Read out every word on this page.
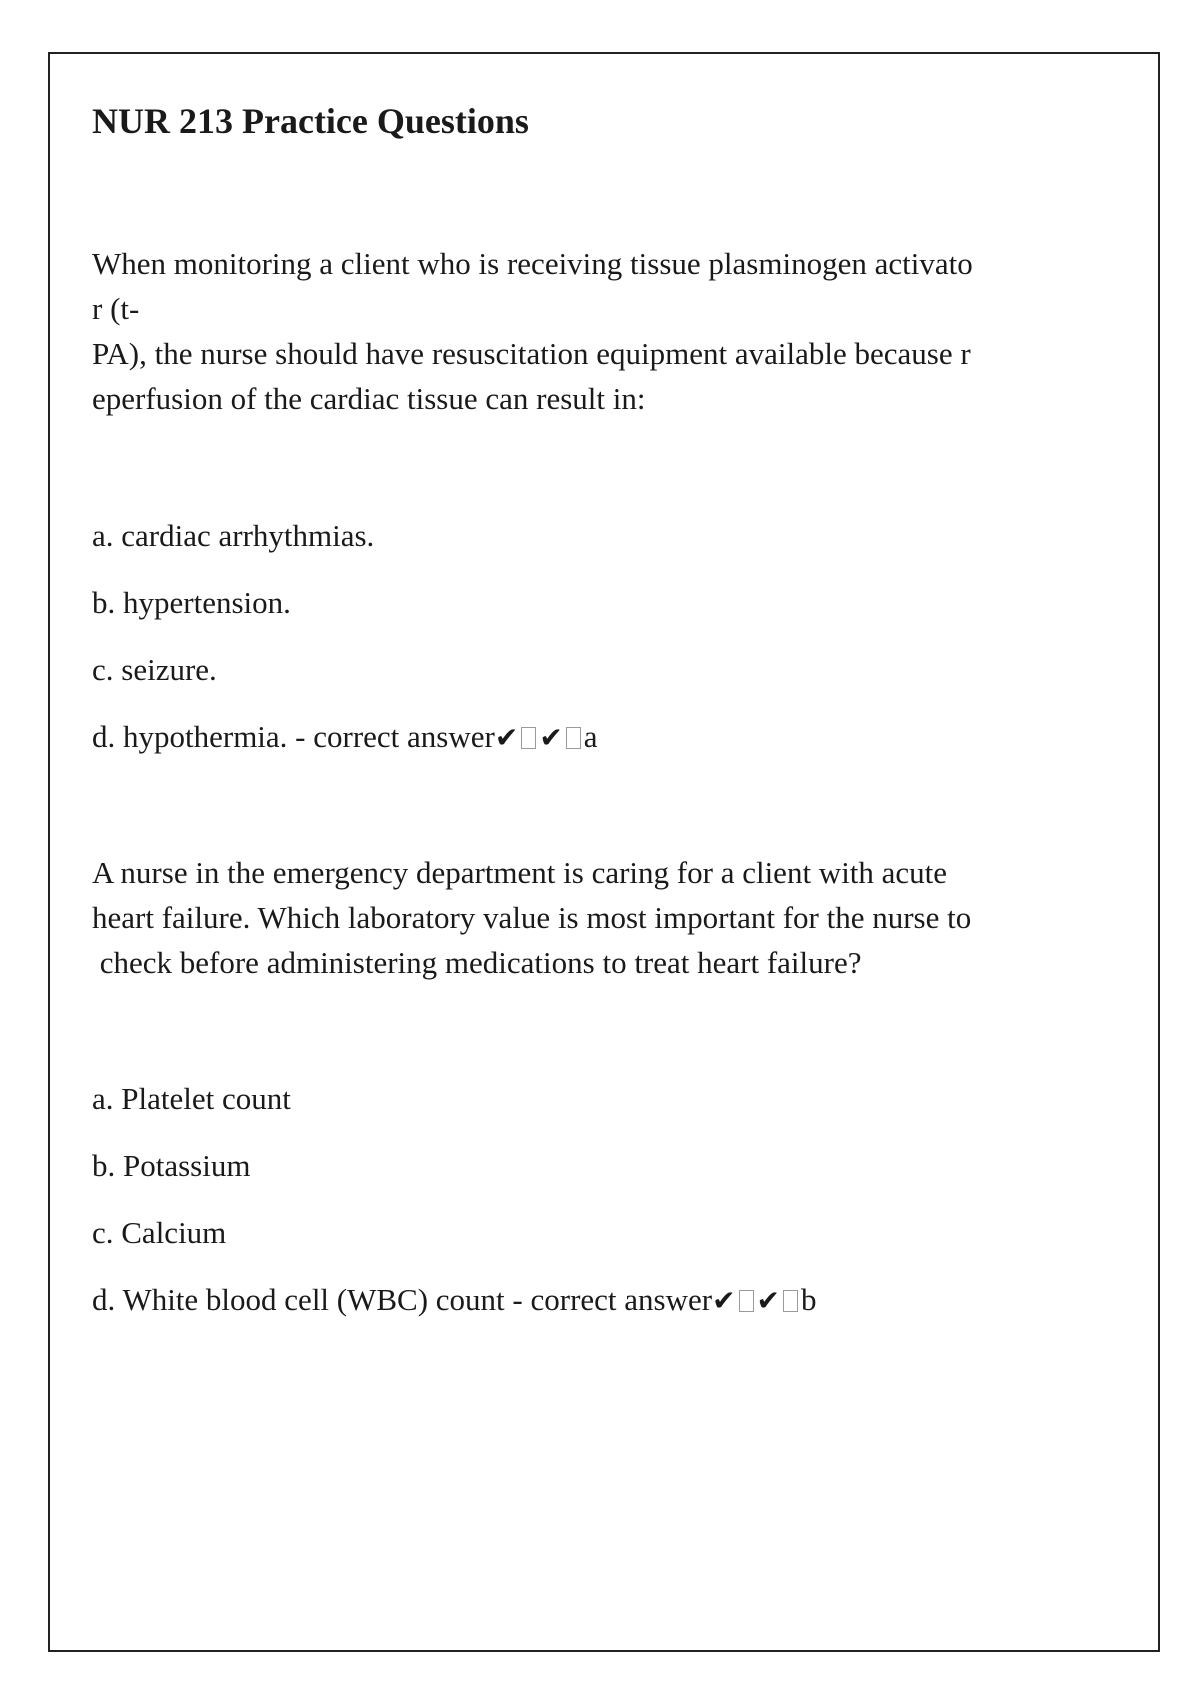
NUR 213 Practice Questions

When monitoring a client who is receiving tissue plasminogen activato
r (t-
PA), the nurse should have resuscitation equipment available because r
eperfusion of the cardiac tissue can result in:

a. cardiac arrhythmias.
b. hypertension.
c. seizure.
d. hypothermia. - correct answer✔ ✔ a

A nurse in the emergency department is caring for a client with acute
heart failure. Which laboratory value is most important for the nurse to
check before administering medications to treat heart failure?

a. Platelet count
b. Potassium
c. Calcium
d. White blood cell (WBC) count - correct answer✔ ✔ b
